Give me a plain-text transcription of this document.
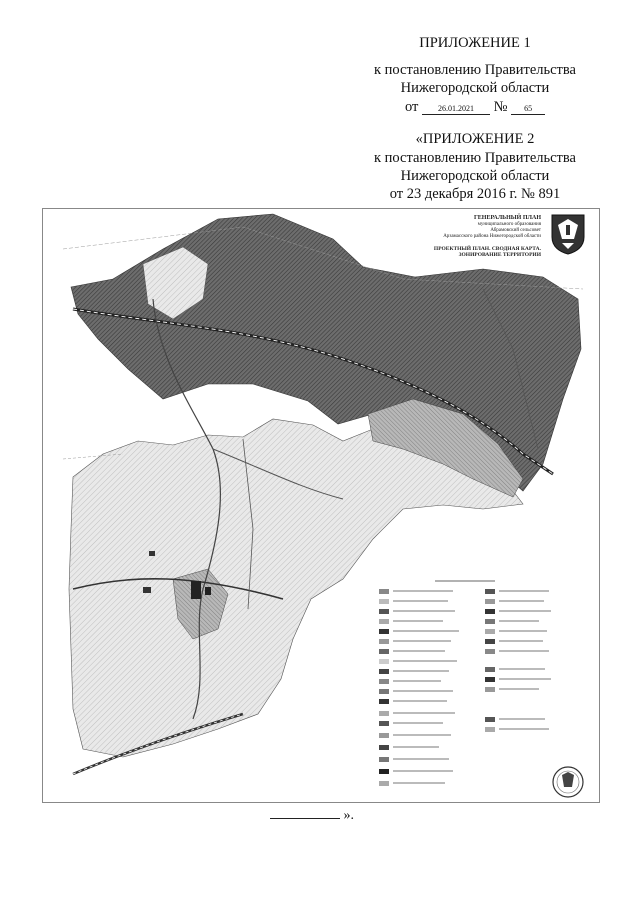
ПРИЛОЖЕНИЕ 1
к постановлению Правительства
Нижегородской области
от 26.01.2021 № 65
«ПРИЛОЖЕНИЕ 2
к постановлению Правительства
Нижегородской области
от 23 декабря 2016 г. № 891
ГЕНЕРАЛЬНЫЙ ПЛАН
муниципального образования
Абрамовский сельсовет
Арзамасского района Нижегородской области
ПРОЕКТНЫЙ ПЛАН. СВОДНАЯ КАРТА.
ЗОНИРОВАНИЕ ТЕРРИТОРИИ
».
